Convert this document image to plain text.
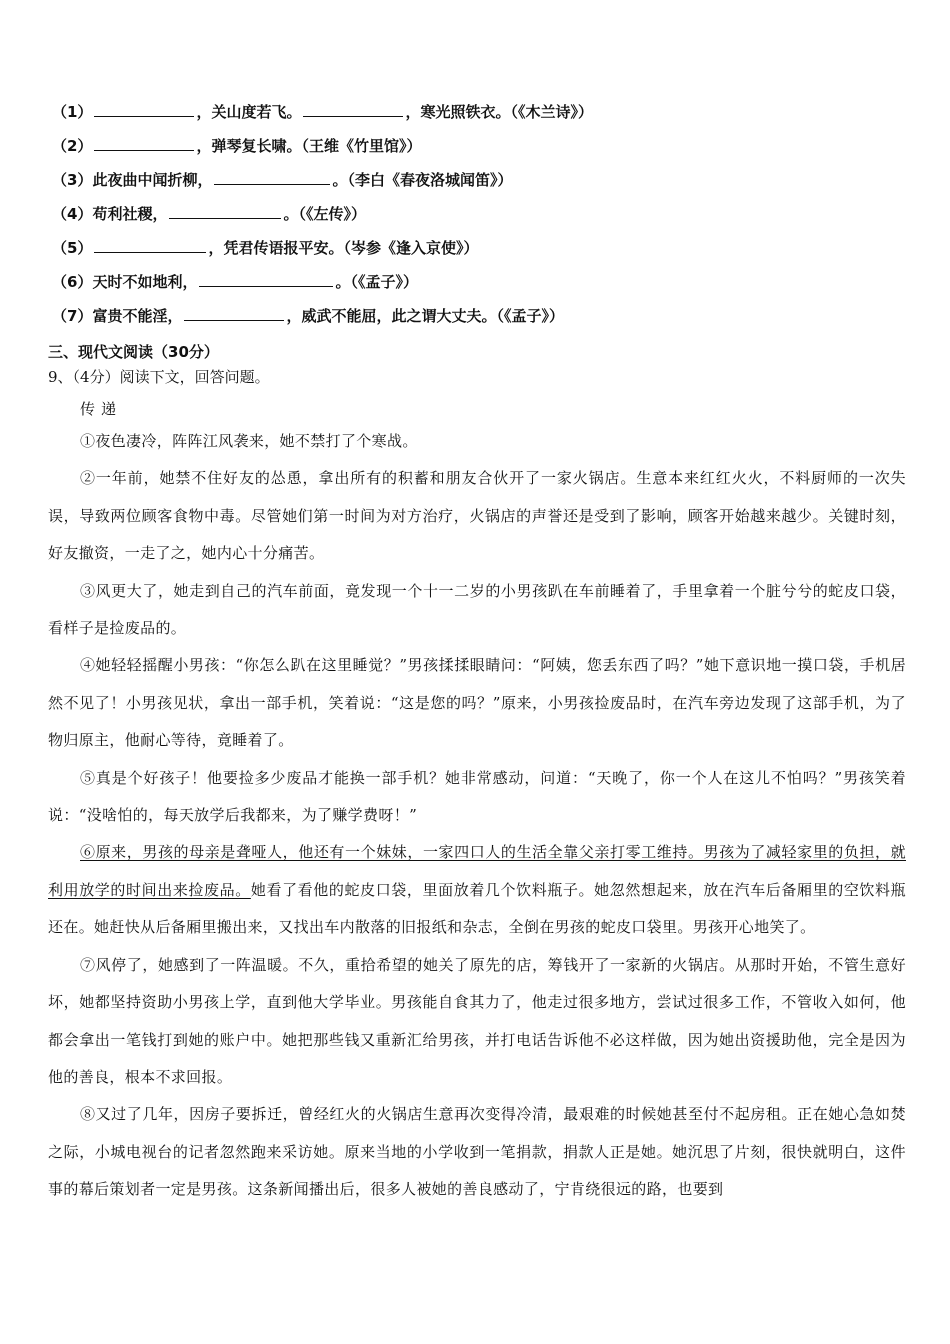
（1）	，关山度若飞。	，寒光照铁衣。（《木兰诗》）
（2）	，弹琴复长啸。（王维《竹里馆》）
（3）此夜曲中闻折柳，	。（李白《春夜洛城闻笛》）
（4）苟利社稷，	。（《左传》）
（5）	，凭君传语报平安。（岑参《逢入京使》）
（6）天时不如地利，	。（《孟子》）
（7）富贵不能淫，	，威武不能屈，此之谓大丈夫。（《孟子》）
三、现代文阅读（30分）

9、（4分）阅读下文，回答问题。

传递

①夜色凄冷，阵阵江风袭来，她不禁打了个寒战。

②一年前，她禁不住好友的怂恿，拿出所有的积蓄和朋友合伙开了一家火锅店。生意本来红红火火，不料厨师的一次失误，导致两位顾客食物中毒。尽管她们第一时间为对方治疗，火锅店的声誉还是受到了影响，顾客开始越来越少。关键时刻，好友撤资，一走了之，她内心十分痛苦。

③风更大了，她走到自己的汽车前面，竟发现一个十一二岁的小男孩趴在车前睡着了，手里拿着一个脏兮兮的蛇皮口袋，看样子是捡废品的。

④她轻轻摇醒小男孩：“你怎么趴在这里睡觉？”男孩揉揉眼睛问：“阿姨，您丢东西了吗？”她下意识地一摸口袋，手机居然不见了！小男孩见状，拿出一部手机，笑着说：“这是您的吗？”原来，小男孩捡废品时，在汽车旁边发现了这部手机，为了物归原主，他耐心等待，竟睡着了。

⑤真是个好孩子！他要捡多少废品才能换一部手机？她非常感动，问道：“天晚了，你一个人在这儿不怕吗？”男孩笑着说：“没啥怕的，每天放学后我都来，为了赚学费呀！”

⑥原来，男孩的母亲是聋哑人，他还有一个妹妹，一家四口人的生活全靠父亲打零工维持。男孩为了减轻家里的负担，就利用放学的时间出来捡废品。她看了看他的蛇皮口袋，里面放着几个饮料瓶子。她忽然想起来，放在汽车后备厢里的空饮料瓶还在。她赶快从后备厢里搬出来，又找出车内散落的旧报纸和杂志，全倒在男孩的蛇皮口袋里。男孩开心地笑了。

⑦风停了，她感到了一阵温暖。不久，重拾希望的她关了原先的店，筹钱开了一家新的火锅店。从那时开始，不管生意好坏，她都坚持资助小男孩上学，直到他大学毕业。男孩能自食其力了，他走过很多地方，尝试过很多工作，不管收入如何，他都会拿出一笔钱打到她的账户中。她把那些钱又重新汇给男孩，并打电话告诉他不必这样做，因为她出资援助他，完全是因为他的善良，根本不求回报。

⑧又过了几年，因房子要拆迁，曾经红火的火锅店生意再次变得冷清，最艰难的时候她甚至付不起房租。正在她心急如焚之际，小城电视台的记者忽然跑来采访她。原来当地的小学收到一笔捐款，捐款人正是她。她沉思了片刻，很快就明白，这件事的幕后策划者一定是男孩。这条新闻播出后，很多人被她的善良感动了，宁肯绕很远的路，也要到
